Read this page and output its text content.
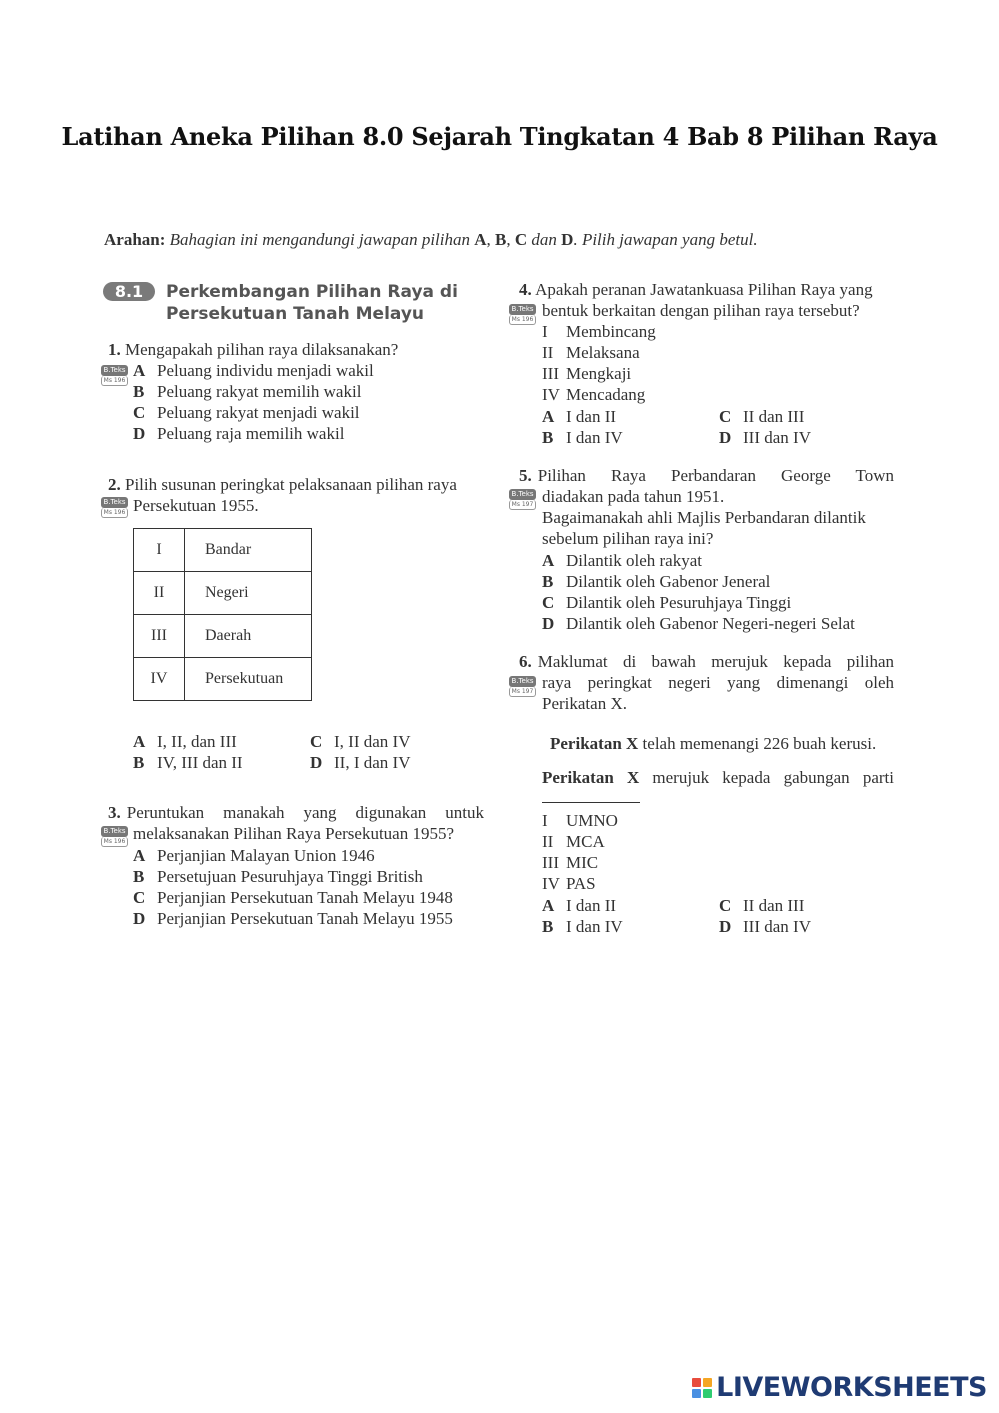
Latihan Aneka Pilihan 8.0 Sejarah Tingkatan 4 Bab 8 Pilihan Raya
Arahan: Bahagian ini mengandungi jawapan pilihan A, B, C dan D. Pilih jawapan yang betul.
8.1	Perkembangan Pilihan Raya di
Persekutuan Tanah Melayu
1. Mengapakah pilihan raya dilaksanakan?
B.Teks
Ms 196
A Peluang individu menjadi wakil
B Peluang rakyat memilih wakil
C Peluang rakyat menjadi wakil
D Peluang raja memilih wakil
2. Pilih susunan peringkat pelaksanaan pilihan raya
Persekutuan 1955.
B.Teks
Ms 196
I	Bandar
II	Negeri
III	Daerah
IV	Persekutuan
A I, II, dan III
B IV, III dan II
C I, II dan IV
D II, I dan IV
3. Peruntukan manakah yang digunakan untuk
melaksanakan Pilihan Raya Persekutuan 1955?
B.Teks
Ms 196
A Perjanjian Malayan Union 1946
B Persetujuan Pesuruhjaya Tinggi British
C Perjanjian Persekutuan Tanah Melayu 1948
D Perjanjian Persekutuan Tanah Melayu 1955
4. Apakah peranan Jawatankuasa Pilihan Raya yang
bentuk berkaitan dengan pilihan raya tersebut?
B.Teks
Ms 196
I Membincang
II Melaksana
III Mengkaji
IV Mencadang
A I dan II
B I dan IV
C II dan III
D III dan IV
5. Pilihan Raya Perbandaran George Town
diadakan pada tahun 1951.
Bagaimanakah ahli Majlis Perbandaran dilantik
sebelum pilihan raya ini?
B.Teks
Ms 197
A Dilantik oleh rakyat
B Dilantik oleh Gabenor Jeneral
C Dilantik oleh Pesuruhjaya Tinggi
D Dilantik oleh Gabenor Negeri-negeri Selat
6. Maklumat di bawah merujuk kepada pilihan
raya peringkat negeri yang dimenangi oleh
Perikatan X.
B.Teks
Ms 197
Perikatan X telah memenangi 226 buah kerusi.
Perikatan X merujuk kepada gabungan parti
I UMNO
II MCA
III MIC
IV PAS
A I dan II
B I dan IV
C II dan III
D III dan IV
LIVEWORKSHEETS
